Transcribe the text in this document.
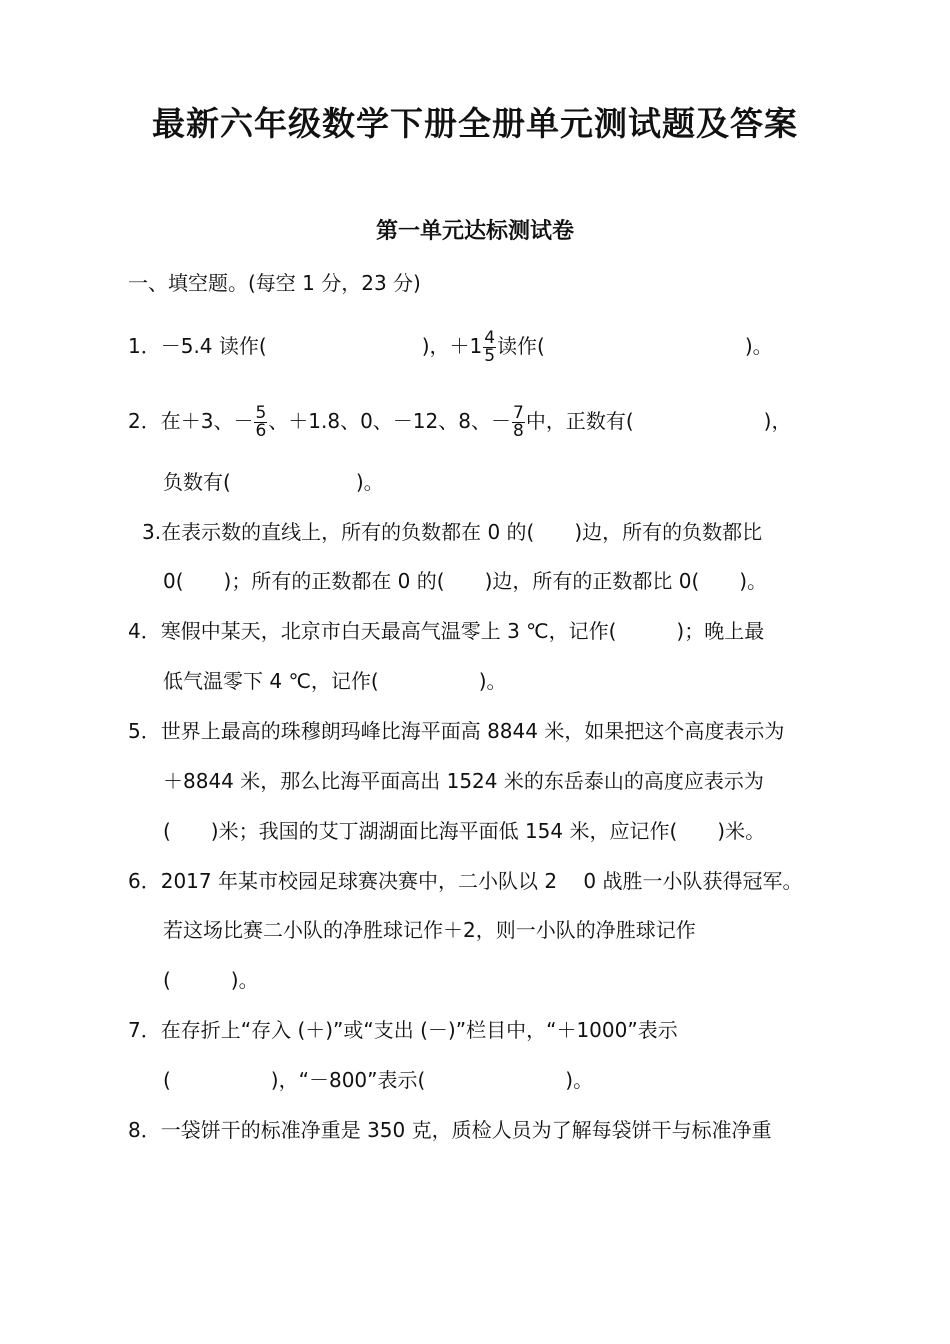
最新六年级数学下册全册单元测试题及答案
第一单元达标测试卷
一、填空题。(每空 1 分，23 分)
1．－5.4 读作(	)，$+1 \frac{4}{5}$ 读作(	)。
2．在＋3、－ $\frac{5}{6}$ 、＋1.8、0、－12、8、－ $\frac{7}{8}$ 中，正数有(	)，
负数有(	)。
3.在表示数的直线上，所有的负数都在 0 的(　　)边，所有的负数都比
0(　　)；所有的正数都在 0 的(　　)边，所有的正数都比 0(　　)。
4．寒假中某天，北京市白天最高气温零上 3 ℃，记作(　　　)；晚上最
低气温零下 4 ℃，记作(　　　　　)。
5．世界上最高的珠穆朗玛峰比海平面高 8844 米，如果把这个高度表示为
＋8844 米，那么比海平面高出 1524 米的东岳泰山的高度应表示为
(　　)米；我国的艾丁湖湖面比海平面低 154 米，应记作(　　)米。
6．2017 年某市校园足球赛决赛中，二小队以 2　 0 战胜一小队获得冠军。
若这场比赛二小队的净胜球记作＋2，则一小队的净胜球记作
(　　　)。
7．在存折上“存入 (＋)”或“支出 (－)”栏目中，“＋1000”表示
(　　　　　)，“－800”表示(　　　　　　　)。
8．一袋饼干的标准净重是 350 克，质检人员为了解每袋饼干与标准净重
